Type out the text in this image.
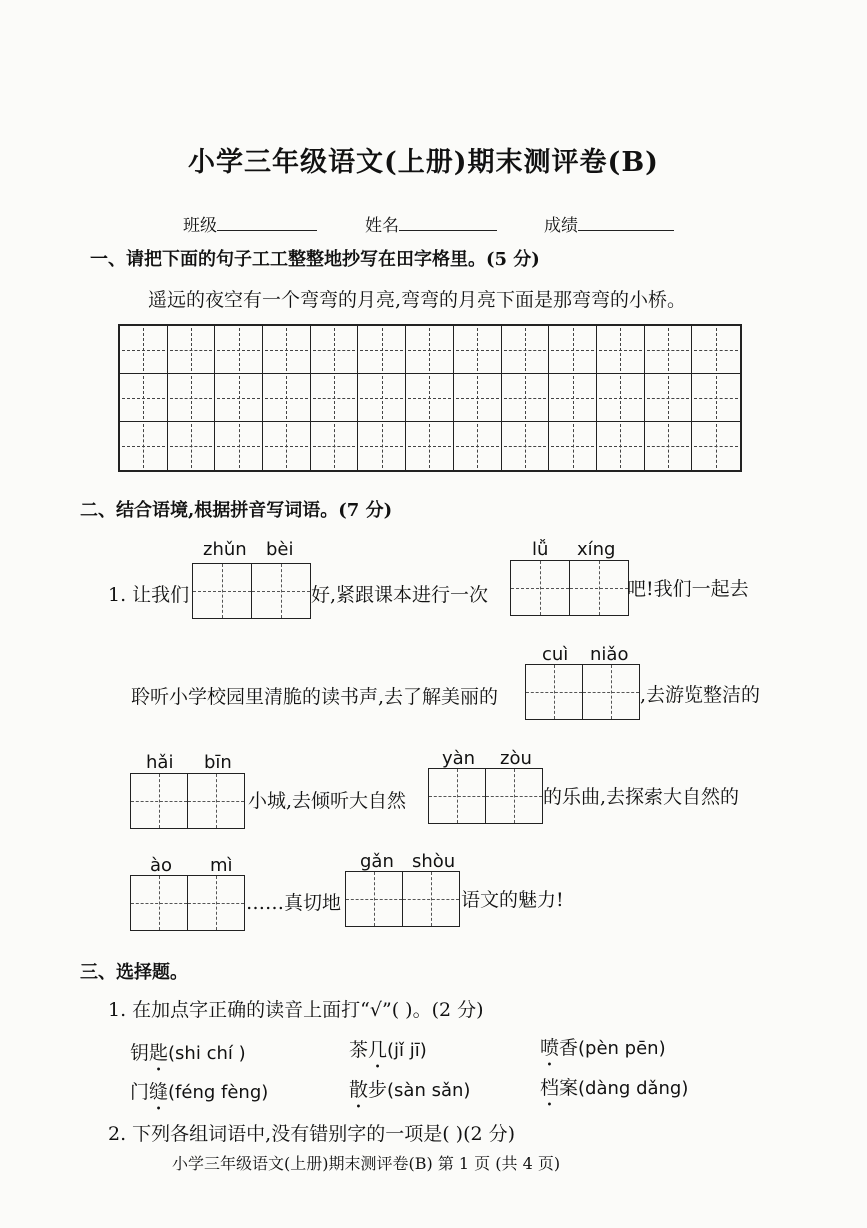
小学三年级语文(上册)期末测评卷(B)
班级	姓名	成绩
一、请把下面的句子工工整整地抄写在田字格里。(5 分)
遥远的夜空有一个弯弯的月亮,弯弯的月亮下面是那弯弯的小桥。
二、结合语境,根据拼音写词语。(7 分)
zhǔn bèi
1. 让我们	好,紧跟课本进行一次
lǚ xíng
吧!我们一起去
cuì niǎo
聆听小学校园里清脆的读书声,去了解美丽的	,去游览整洁的
hǎi bīn
小城,去倾听大自然
yàn zòu
的乐曲,去探索大自然的
ào mì
……真切地
gǎn shòu
语文的魅力!
三、选择题。
1. 在加点字正确的读音上面打“√”( )。(2 分)
钥匙(shi chí )	茶几(jǐ jī)	喷香(pèn pēn)
门缝(féng fèng)	散步(sàn sǎn)	档案(dàng dǎng)
2. 下列各组词语中,没有错别字的一项是( )(2 分)
小学三年级语文(上册)期末测评卷(B) 第 1 页 (共 4 页)
